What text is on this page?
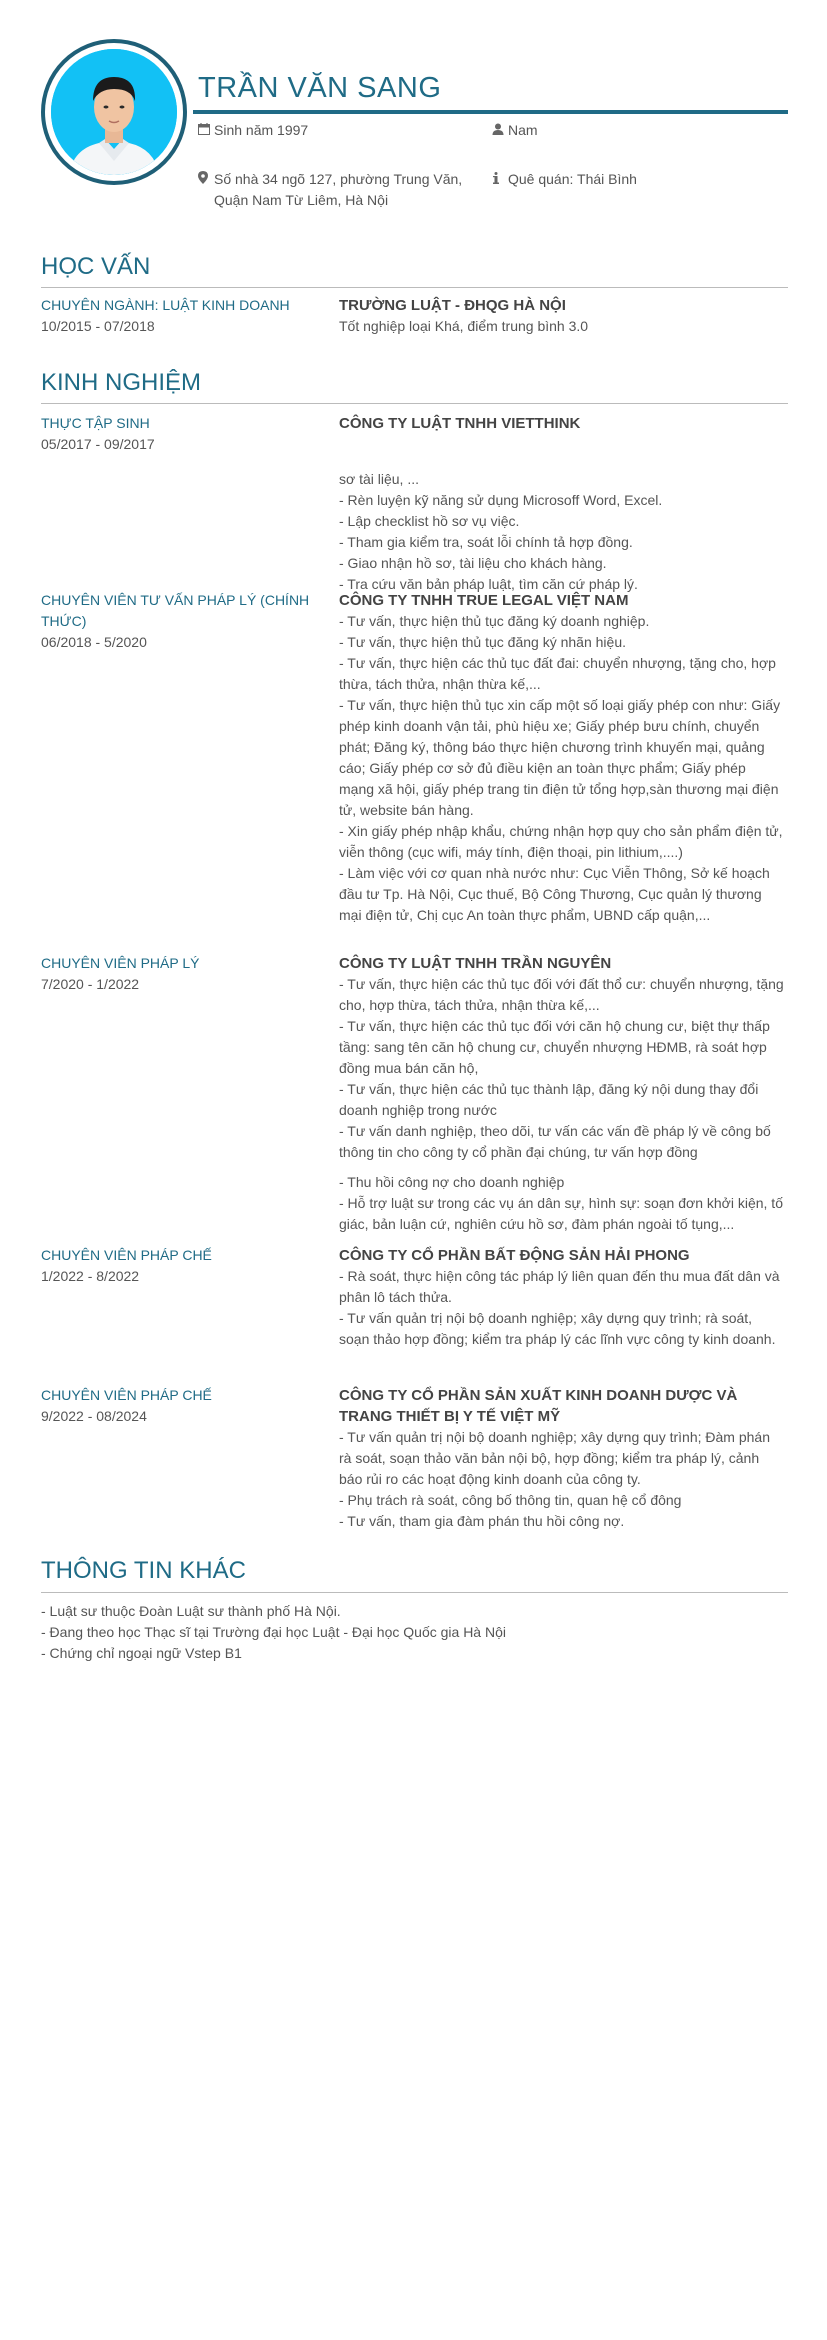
TRẦN VĂN SANG
Sinh năm 1997	Nam
Số nhà 34 ngõ 127, phường Trung Văn, Quận Nam Từ Liêm, Hà Nội
Quê quán: Thái Bình
HỌC VẤN
CHUYÊN NGÀNH: LUẬT KINH DOANH
10/2015 - 07/2018
TRƯỜNG LUẬT - ĐHQG HÀ NỘI
Tốt nghiệp loại Khá, điểm trung bình 3.0
KINH NGHIỆM
THỰC TẬP SINH
05/2017 - 09/2017
CÔNG TY LUẬT TNHH VIETTHINK
sơ tài liệu, ...
- Rèn luyện kỹ năng sử dụng Microsoff Word, Excel.
- Lập checklist hồ sơ vụ việc.
- Tham gia kiểm tra, soát lỗi chính tả hợp đồng.
- Giao nhận hồ sơ, tài liệu cho khách hàng.
- Tra cứu văn bản pháp luật, tìm căn cứ pháp lý.
CHUYÊN VIÊN TƯ VẤN PHÁP LÝ (CHÍNH THỨC)
06/2018 - 5/2020
CÔNG TY TNHH TRUE LEGAL VIỆT NAM
- Tư vấn, thực hiện thủ tục đăng ký doanh nghiệp.
- Tư vấn, thực hiện thủ tục đăng ký nhãn hiệu.
- Tư vấn, thực hiện các thủ tục đất đai: chuyển nhượng, tặng cho, hợp thừa, tách thửa, nhận thừa kế,...
- Tư vấn, thực hiện thủ tục xin cấp một số loại giấy phép con như: Giấy phép kinh doanh vận tải, phù hiệu xe; Giấy phép bưu chính, chuyển phát; Đăng ký, thông báo thực hiện chương trình khuyến mại, quảng cáo; Giấy phép cơ sở đủ điều kiện an toàn thực phẩm; Giấy phép mạng xã hội, giấy phép trang tin điện tử tổng hợp,sàn thương mại điện tử, website bán hàng.
- Xin giấy phép nhập khẩu, chứng nhận hợp quy cho sản phẩm điện tử, viễn thông (cục wifi, máy tính, điện thoại, pin lithium,....)
- Làm việc với cơ quan nhà nước như: Cục Viễn Thông, Sở kế hoạch đầu tư Tp. Hà Nội, Cục thuế, Bộ Công Thương, Cục quản lý thương mại điện tử, Chị cục An toàn thực phẩm, UBND cấp quận,...
CHUYÊN VIÊN PHÁP LÝ
7/2020 - 1/2022
CÔNG TY LUẬT TNHH TRẦN NGUYÊN
- Tư vấn, thực hiện các thủ tục đối với đất thổ cư: chuyển nhượng, tặng cho, hợp thừa, tách thửa, nhận thừa kế,...
- Tư vấn, thực hiện các thủ tục đối với căn hộ chung cư, biệt thự thấp tầng: sang tên căn hộ chung cư, chuyển nhượng HĐMB, rà soát hợp đồng mua bán căn hộ,
- Tư vấn, thực hiện các thủ tục thành lập, đăng ký nội dung thay đổi doanh nghiệp trong nước
- Tư vấn danh nghiệp, theo dõi, tư vấn các vấn đề pháp lý về công bố thông tin cho công ty cổ phần đại chúng, tư vấn hợp đồng
- Thu hồi công nợ cho doanh nghiệp
- Hỗ trợ luật sư trong các vụ án dân sự, hình sự: soạn đơn khởi kiện, tố giác, bản luận cứ, nghiên cứu hồ sơ, đàm phán ngoài tố tụng,...
CHUYÊN VIÊN PHÁP CHẾ
1/2022 - 8/2022
CÔNG TY CỔ PHẦN BẤT ĐỘNG SẢN HẢI PHONG
- Rà soát, thực hiện công tác pháp lý liên quan đến thu mua đất dân và phân lô tách thửa.
- Tư vấn quản trị nội bộ doanh nghiệp; xây dựng quy trình; rà soát, soạn thảo hợp đồng; kiểm tra pháp lý các lĩnh vực công ty kinh doanh.
CHUYÊN VIÊN PHÁP CHẾ
9/2022 - 08/2024
CÔNG TY CỔ PHẦN SẢN XUẤT KINH DOANH DƯỢC VÀ TRANG THIẾT BỊ Y TẾ VIỆT MỸ
- Tư vấn quản trị nội bộ doanh nghiệp; xây dựng quy trình; Đàm phán rà soát, soạn thảo văn bản nội bộ, hợp đồng; kiểm tra pháp lý, cảnh báo rủi ro các hoạt động kinh doanh của công ty.
- Phụ trách rà soát, công bố thông tin, quan hệ cổ đông
- Tư vấn, tham gia đàm phán thu hồi công nợ.
THÔNG TIN KHÁC
- Luật sư thuộc Đoàn Luật sư thành phố Hà Nội.
- Đang theo học Thạc sĩ tại Trường đại học Luật - Đại học Quốc gia Hà Nội
- Chứng chỉ ngoại ngữ Vstep B1
